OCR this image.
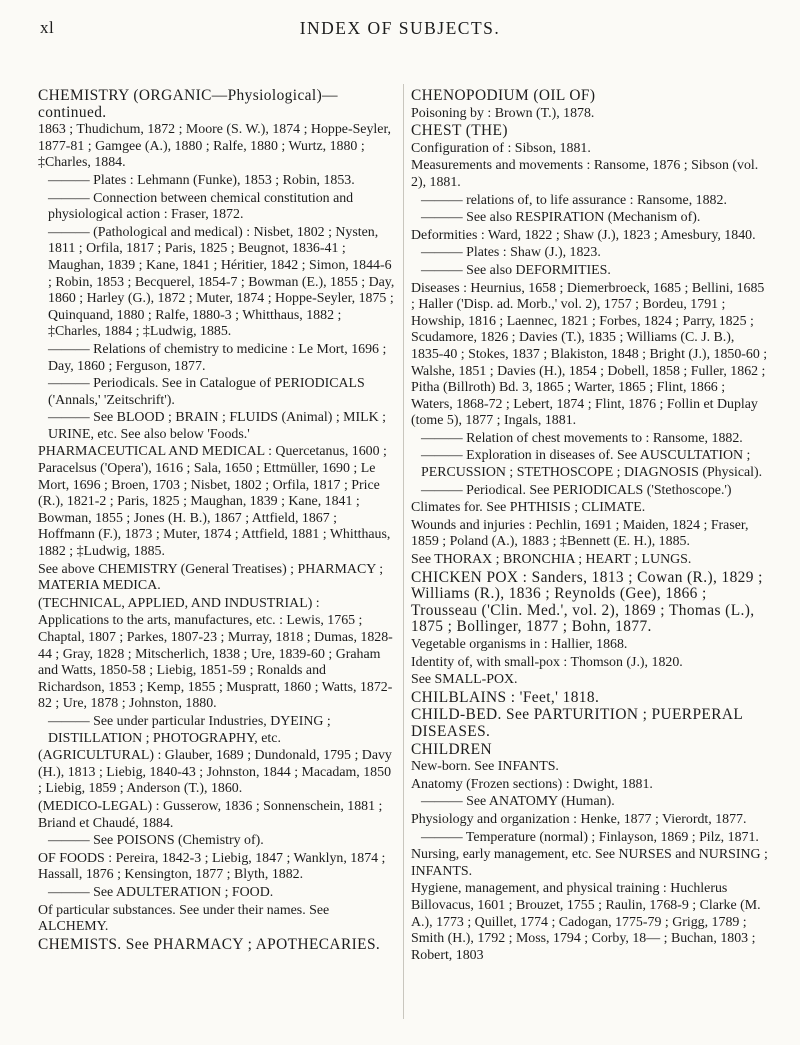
xl	INDEX OF SUBJECTS.
CHEMISTRY (ORGANIC—Physiological)—continued.
1863 ; Thudichum, 1872 ; Moore (S. W.), 1874 ; Hoppe-Seyler, 1877-81 ; Gamgee (A.), 1880 ; Ralfe, 1880 ; Wurtz, 1880 ; ‡Charles, 1884.
——— Plates : Lehmann (Funke), 1853 ; Robin, 1853.
——— Connection between chemical constitution and physiological action : Fraser, 1872.
——— (Pathological and medical) : Nisbet, 1802 ; Nysten, 1811 ; Orfila, 1817 ; Paris, 1825 ; Beugnot, 1836-41 ; Maughan, 1839 ; Kane, 1841 ; Héritier, 1842 ; Simon, 1844-6 ; Robin, 1853 ; Becquerel, 1854-7 ; Bowman (E.), 1855 ; Day, 1860 ; Harley (G.), 1872 ; Muter, 1874 ; Hoppe-Seyler, 1875 ; Quinquand, 1880 ; Ralfe, 1880-3 ; Whitthaus, 1882 ; ‡Charles, 1884 ; ‡Ludwig, 1885.
——— Relations of chemistry to medicine : Le Mort, 1696 ; Day, 1860 ; Ferguson, 1877.
——— Periodicals. See in Catalogue of PERIODICALS ('Annals,' 'Zeitschrift').
——— See BLOOD ; BRAIN ; FLUIDS (Animal) ; MILK ; URINE, etc. See also below 'Foods.'
PHARMACEUTICAL AND MEDICAL : Quercetanus, 1600 ; Paracelsus ('Opera'), 1616 ; Sala, 1650 ; Ettmüller, 1690 ; Le Mort, 1696 ; Broen, 1703 ; Nisbet, 1802 ; Orfila, 1817 ; Price (R.), 1821-2 ; Paris, 1825 ; Maughan, 1839 ; Kane, 1841 ; Bowman, 1855 ; Jones (H. B.), 1867 ; Attfield, 1867 ; Hoffmann (F.), 1873 ; Muter, 1874 ; Attfield, 1881 ; Whitthaus, 1882 ; ‡Ludwig, 1885.
See above CHEMISTRY (General Treatises) ; PHARMACY ; MATERIA MEDICA.
(TECHNICAL, APPLIED, AND INDUSTRIAL) :
Applications to the arts, manufactures, etc. : Lewis, 1765 ; Chaptal, 1807 ; Parkes, 1807-23 ; Murray, 1818 ; Dumas, 1828-44 ; Gray, 1828 ; Mitscherlich, 1838 ; Ure, 1839-60 ; Graham and Watts, 1850-58 ; Liebig, 1851-59 ; Ronalds and Richardson, 1853 ; Kemp, 1855 ; Muspratt, 1860 ; Watts, 1872-82 ; Ure, 1878 ; Johnston, 1880.
——— See under particular Industries, DYEING ; DISTILLATION ; PHOTOGRAPHY, etc.
(AGRICULTURAL) : Glauber, 1689 ; Dundonald, 1795 ; Davy (H.), 1813 ; Liebig, 1840-43 ; Johnston, 1844 ; Macadam, 1850 ; Liebig, 1859 ; Anderson (T.), 1860.
(MEDICO-LEGAL) : Gusserow, 1836 ; Sonnenschein, 1881 ; Briand et Chaudé, 1884.
——— See POISONS (Chemistry of).
OF FOODS : Pereira, 1842-3 ; Liebig, 1847 ; Wanklyn, 1874 ; Hassall, 1876 ; Kensington, 1877 ; Blyth, 1882.
——— See ADULTERATION ; FOOD.
Of particular substances. See under their names. See ALCHEMY.
CHEMISTS. See PHARMACY ; APOTHECARIES.
CHENOPODIUM (OIL OF)
Poisoning by : Brown (T.), 1878.
CHEST (THE)
Configuration of : Sibson, 1881.
Measurements and movements : Ransome, 1876 ; Sibson (vol. 2), 1881.
——— relations of, to life assurance : Ransome, 1882.
——— See also RESPIRATION (Mechanism of).
Deformities : Ward, 1822 ; Shaw (J.), 1823 ; Amesbury, 1840.
——— Plates : Shaw (J.), 1823.
——— See also DEFORMITIES.
Diseases : Heurnius, 1658 ; Diemerbroeck, 1685 ; Bellini, 1685 ; Haller ('Disp. ad. Morb.,' vol. 2), 1757 ; Bordeu, 1791 ; Howship, 1816 ; Laennec, 1821 ; Forbes, 1824 ; Parry, 1825 ; Scudamore, 1826 ; Davies (T.), 1835 ; Williams (C. J. B.), 1835-40 ; Stokes, 1837 ; Blakiston, 1848 ; Bright (J.), 1850-60 ; Walshe, 1851 ; Davies (H.), 1854 ; Dobell, 1858 ; Fuller, 1862 ; Pitha (Billroth) Bd. 3, 1865 ; Warter, 1865 ; Flint, 1866 ; Waters, 1868-72 ; Lebert, 1874 ; Flint, 1876 ; Follin et Duplay (tome 5), 1877 ; Ingals, 1881.
——— Relation of chest movements to : Ransome, 1882.
——— Exploration in diseases of. See AUSCULTATION ; PERCUSSION ; STETHOSCOPE ; DIAGNOSIS (Physical).
——— Periodical. See PERIODICALS ('Stethoscope.')
Climates for. See PHTHISIS ; CLIMATE.
Wounds and injuries : Pechlin, 1691 ; Maiden, 1824 ; Fraser, 1859 ; Poland (A.), 1883 ; ‡Bennett (E. H.), 1885.
See THORAX ; BRONCHIA ; HEART ; LUNGS.
CHICKEN POX : Sanders, 1813 ; Cowan (R.), 1829 ; Williams (R.), 1836 ; Reynolds (Gee), 1866 ; Trousseau ('Clin. Med.', vol. 2), 1869 ; Thomas (L.), 1875 ; Bollinger, 1877 ; Bohn, 1877.
Vegetable organisms in : Hallier, 1868.
Identity of, with small-pox : Thomson (J.), 1820.
See SMALL-POX.
CHILBLAINS : 'Feet,' 1818.
CHILD-BED. See PARTURITION ; PUERPERAL DISEASES.
CHILDREN
New-born. See INFANTS.
Anatomy (Frozen sections) : Dwight, 1881.
——— See ANATOMY (Human).
Physiology and organization : Henke, 1877 ; Vierordt, 1877.
——— Temperature (normal) ; Finlayson, 1869 ; Pilz, 1871.
Nursing, early management, etc. See NURSES and NURSING ; INFANTS.
Hygiene, management, and physical training : Huchlerus Billovacus, 1601 ; Brouzet, 1755 ; Raulin, 1768-9 ; Clarke (M. A.), 1773 ; Quillet, 1774 ; Cadogan, 1775-79 ; Grigg, 1789 ; Smith (H.), 1792 ; Moss, 1794 ; Corby, 18— ; Buchan, 1803 ; Robert, 1803
